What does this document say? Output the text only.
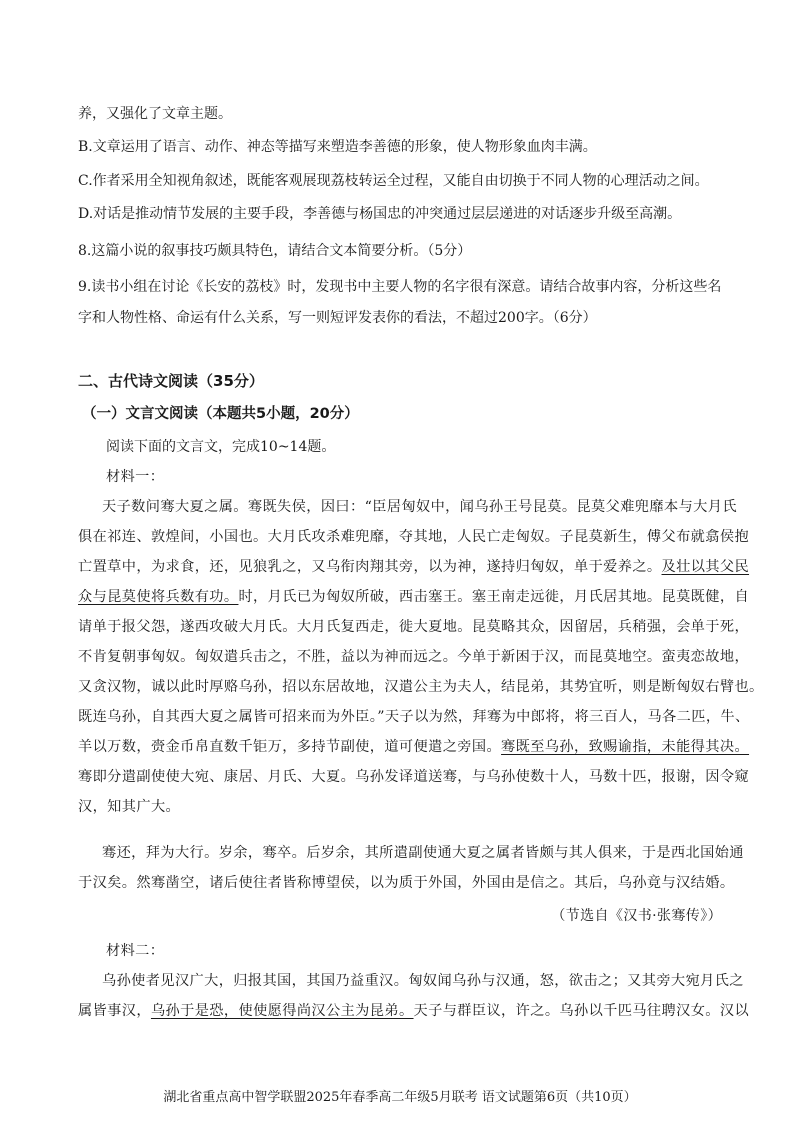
养，又强化了文章主题。
B.文章运用了语言、动作、神态等描写来塑造李善德的形象，使人物形象血肉丰满。
C.作者采用全知视角叙述，既能客观展现荔枝转运全过程，又能自由切换于不同人物的心理活动之间。
D.对话是推动情节发展的主要手段，李善德与杨国忠的冲突通过层层递进的对话逐步升级至高潮。
8.这篇小说的叙事技巧颇具特色，请结合文本简要分析。（5分）
9.读书小组在讨论《长安的荔枝》时，发现书中主要人物的名字很有深意。请结合故事内容，分析这些名
字和人物性格、命运有什么关系，写一则短评发表你的看法，不超过200字。（6分）
二、古代诗文阅读（35分）
（一）文言文阅读（本题共5小题，20分）
阅读下面的文言文，完成10~14题。
材料一：
天子数问骞大夏之属。骞既失侯，因曰：“臣居匈奴中，闻乌孙王号昆莫。昆莫父难兜靡本与大月氏
俱在祁连、敦煌间，小国也。大月氏攻杀难兜靡，夺其地，人民亡走匈奴。子昆莫新生，傅父布就翕侯抱
亡置草中，为求食，还，见狼乳之，又乌衔肉翔其旁，以为神，遂持归匈奴，单于爱养之。及壮以其父民
众与昆莫使将兵数有功。时，月氏已为匈奴所破，西击塞王。塞王南走远徙，月氏居其地。昆莫既健，自
请单于报父怨，遂西攻破大月氏。大月氏复西走，徙大夏地。昆莫略其众，因留居，兵稍强，会单于死，
不肯复朝事匈奴。匈奴遣兵击之，不胜，益以为神而远之。今单于新困于汉，而昆莫地空。蛮夷恋故地，
又贪汉物，诚以此时厚赂乌孙，招以东居故地，汉遣公主为夫人，结昆弟，其势宜听，则是断匈奴右臂也。
既连乌孙，自其西大夏之属皆可招来而为外臣。”天子以为然，拜骞为中郎将，将三百人，马各二匹，牛、
羊以万数，赍金币帛直数千钜万，多持节副使，道可便遣之旁国。骞既至乌孙，致赐谕指，未能得其决。
骞即分遣副使使大宛、康居、月氏、大夏。乌孙发译道送骞，与乌孙使数十人，马数十匹，报谢，因令窥
汉，知其广大。
骞还，拜为大行。岁余，骞卒。后岁余，其所遣副使通大夏之属者皆颇与其人俱来，于是西北国始通
于汉矣。然骞凿空，诸后使往者皆称博望侯，以为质于外国，外国由是信之。其后，乌孙竟与汉结婚。
（节选自《汉书·张骞传》）
材料二：
乌孙使者见汉广大，归报其国，其国乃益重汉。匈奴闻乌孙与汉通，怒，欲击之；又其旁大宛月氏之
属皆事汉，乌孙于是恐，使使愿得尚汉公主为昆弟。天子与群臣议，许之。乌孙以千匹马往聘汉女。汉以
湖北省重点高中智学联盟2025年春季高二年级5月联考 语文试题第6页（共10页）
